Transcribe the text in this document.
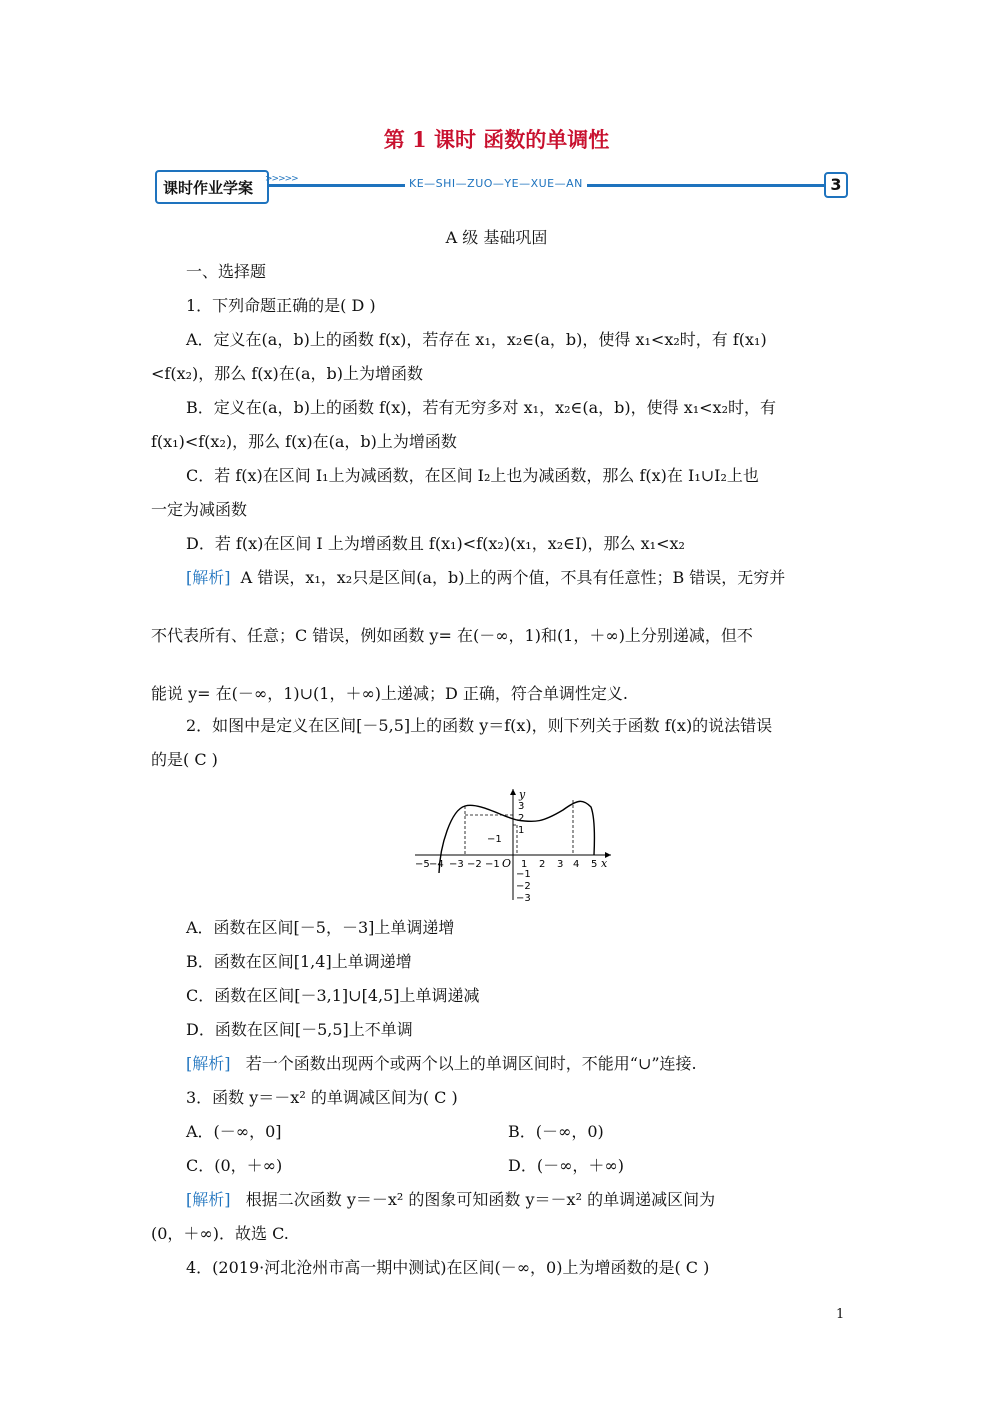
第 1 课时 函数的单调性
课时作业学案 >>>>>	KE—SHI—ZUO—YE—XUE—AN	3
A 级 基础巩固
一、选择题
1．下列命题正确的是( D )
A．定义在(a，b)上的函数 f(x)，若存在 x₁，x₂∈(a，b)，使得 x₁<x₂时，有 f(x₁)
<f(x₂)，那么 f(x)在(a，b)上为增函数
B．定义在(a，b)上的函数 f(x)，若有无穷多对 x₁，x₂∈(a，b)，使得 x₁<x₂时，有
f(x₁)<f(x₂)，那么 f(x)在(a，b)上为增函数
C．若 f(x)在区间 I₁上为减函数，在区间 I₂上也为减函数，那么 f(x)在 I₁∪I₂上也
一定为减函数
D．若 f(x)在区间 I 上为增函数且 f(x₁)<f(x₂)(x₁，x₂∈I)，那么 x₁<x₂
[解析] A 错误，x₁，x₂只是区间(a，b)上的两个值，不具有任意性；B 错误，无穷并
不代表所有、任意；C 错误，例如函数 y= 在(－∞，1)和(1，＋∞)上分别递减，但不
能说 y= 在(－∞，1)∪(1，＋∞)上递减；D 正确，符合单调性定义.
2．如图中是定义在区间[－5,5]上的函数 y＝f(x)，则下列关于函数 f(x)的说法错误
的是( C )
y
x
O
−1
−5 −4 −3 −2 −1 1 2 3 4 5
3
2
1
−1
−2
−3
A．函数在区间[－5，－3]上单调递增
B．函数在区间[1,4]上单调递增
C．函数在区间[－3,1]∪[4,5]上单调递减
D．函数在区间[－5,5]上不单调
[解析] 若一个函数出现两个或两个以上的单调区间时，不能用“∪”连接.
3．函数 y＝－x² 的单调减区间为( C )
A．(－∞，0]	B．(－∞，0)
C．(0，＋∞)	D．(－∞，＋∞)
[解析] 根据二次函数 y＝－x² 的图象可知函数 y＝－x² 的单调递减区间为
(0，＋∞)．故选 C.
4．(2019·河北沧州市高一期中测试)在区间(－∞，0)上为增函数的是( C )
1
